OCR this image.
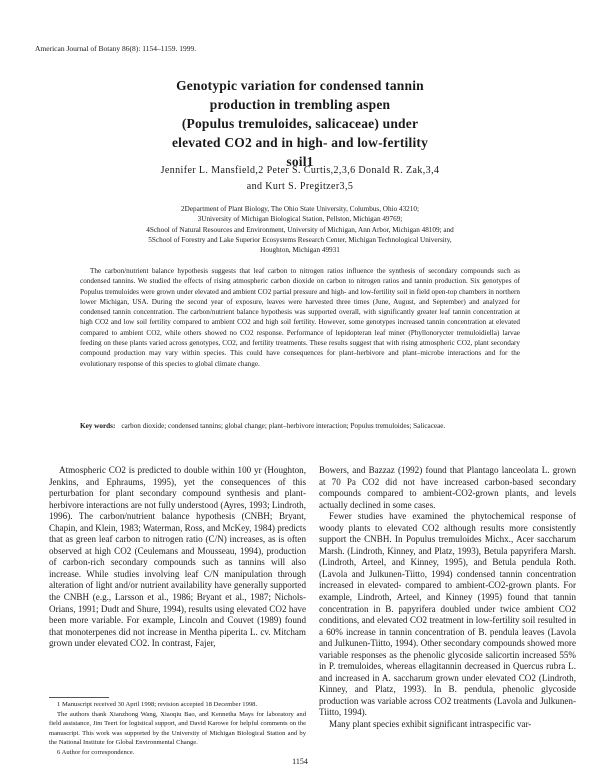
American Journal of Botany 86(8): 1154–1159. 1999.
Genotypic variation for condensed tannin
production in trembling aspen
(Populus tremuloides, salicaceae) under
elevated CO2 and in high- and low-fertility
soil1
Jennifer L. Mansfield,2 Peter S. Curtis,2,3,6 Donald R. Zak,3,4
and Kurt S. Pregitzer3,5
2Department of Plant Biology, The Ohio State University, Columbus, Ohio 43210;
3University of Michigan Biological Station, Pellston, Michigan 49769;
4School of Natural Resources and Environment, University of Michigan, Ann Arbor, Michigan 48109; and
5School of Forestry and Lake Superior Ecosystems Research Center, Michigan Technological University,
Houghton, Michigan 49931
The carbon/nutrient balance hypothesis suggests that leaf carbon to nitrogen ratios influence the synthesis of secondary compounds such as condensed tannins. We studied the effects of rising atmospheric carbon dioxide on carbon to nitrogen ratios and tannin production. Six genotypes of Populus tremuloides were grown under elevated and ambient CO2 partial pressure and high- and low-fertility soil in field open-top chambers in northern lower Michigan, USA. During the second year of exposure, leaves were harvested three times (June, August, and September) and analyzed for condensed tannin concentration. The carbon/nutrient balance hypothesis was supported overall, with significantly greater leaf tannin concentration at high CO2 and low soil fertility compared to ambient CO2 and high soil fertility. However, some genotypes increased tannin concentration at elevated compared to ambient CO2, while others showed no CO2 response. Performance of lepidopteran leaf miner (Phyllonorycter tremuloidiella) larvae feeding on these plants varied across genotypes, CO2, and fertility treatments. These results suggest that with rising atmospheric CO2, plant secondary compound production may vary within species. This could have consequences for plant–herbivore and plant–microbe interactions and for the evolutionary response of this species to global climate change.
Key words: carbon dioxide; condensed tannins; global change; plant–herbivore interaction; Populus tremuloides; Salicaceae.

Atmospheric CO2 is predicted to double within 100 yr (Houghton, Jenkins, and Ephraums, 1995), yet the consequences of this perturbation for plant secondary compound synthesis and plant-herbivore interactions are not fully understood (Ayres, 1993; Lindroth, 1996). The carbon/nutrient balance hypothesis (CNBH; Bryant, Chapin, and Klein, 1983; Waterman, Ross, and McKey, 1984) predicts that as green leaf carbon to nitrogen ratio (C/N) increases, as is often observed at high CO2 (Ceulemans and Mousseau, 1994), production of carbon-rich secondary compounds such as tannins will also increase. While studies involving leaf C/N manipulation through alteration of light and/or nutrient availability have generally supported the CNBH (e.g., Larsson et al., 1986; Bryant et al., 1987; Nichols-Orians, 1991; Dudt and Shure, 1994), results using elevated CO2 have been more variable. For example, Lincoln and Couvet (1989) found that monoterpenes did not increase in Mentha piperita L. cv. Mitcham grown under elevated CO2. In contrast, Fajer,

Bowers, and Bazzaz (1992) found that Plantago lanceolata L. grown at 70 Pa CO2 did not have increased carbon-based secondary compounds compared to ambient-CO2-grown plants, and levels actually declined in some cases.

Fewer studies have examined the phytochemical response of woody plants to elevated CO2 although results more consistently support the CNBH. In Populus tremuloides Michx., Acer saccharum Marsh. (Lindroth, Kinney, and Platz, 1993), Betula papyrifera Marsh. (Lindroth, Arteel, and Kinney, 1995), and Betula pendula Roth. (Lavola and Julkunen-Tiitto, 1994) condensed tannin concentration increased in elevated- compared to ambient-CO2-grown plants. For example, Lindroth, Arteel, and Kinney (1995) found that tannin concentration in B. papyrifera doubled under twice ambient CO2 conditions, and elevated CO2 treatment in low-fertility soil resulted in a 60% increase in tannin concentration of B. pendula leaves (Lavola and Julkunen-Tiitto, 1994). Other secondary compounds showed more variable responses as the phenolic glycoside salicortin increased 55% in P. tremuloides, whereas ellagitannin decreased in Quercus rubra L. and increased in A. saccharum grown under elevated CO2 (Lindroth, Kinney, and Platz, 1993). In B. pendula, phenolic glycoside production was variable across CO2 treatments (Lavola and Julkunen-Tiitto, 1994).

Many plant species exhibit significant intraspecific var-

1 Manuscript received 30 April 1998; revision accepted 18 December 1998.

The authors thank Xianzhong Wang, Xiaoqiu Bao, and Kennetha Mays for laboratory and field assistance, Jim Teeri for logistical support, and David Karowe for helpful comments on the manuscript. This work was supported by the University of Michigan Biological Station and by the National Institute for Global Environmental Change.

6 Author for correspondence.

1154
